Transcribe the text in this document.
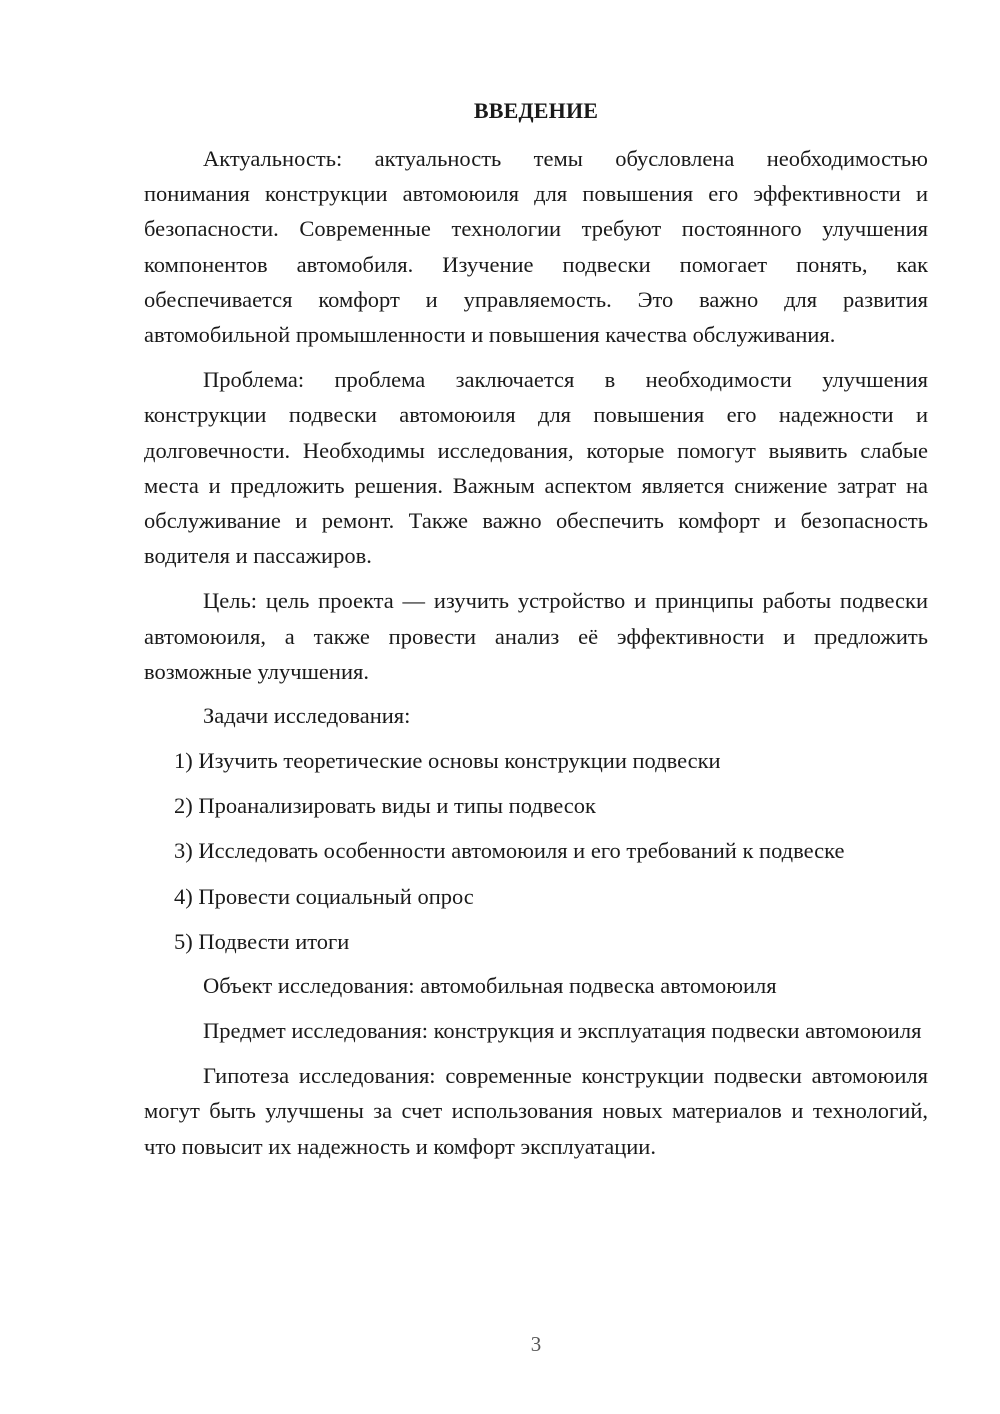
ВВЕДЕНИЕ

Актуальность: актуальность темы обусловлена необходимостью понимания конструкции автомоюиля для повышения его эффективности и безопасности. Современные технологии требуют постоянного улучшения компонентов автомобиля. Изучение подвески помогает понять, как обеспечивается комфорт и управляемость. Это важно для развития автомобильной промышленности и повышения качества обслуживания.

Проблема: проблема заключается в необходимости улучшения конструкции подвески автомоюиля для повышения его надежности и долговечности. Необходимы исследования, которые помогут выявить слабые места и предложить решения. Важным аспектом является снижение затрат на обслуживание и ремонт. Также важно обеспечить комфорт и безопасность водителя и пассажиров.

Цель: цель проекта — изучить устройство и принципы работы подвески автомоюиля, а также провести анализ её эффективности и предложить возможные улучшения.

Задачи исследования:

1) Изучить теоретические основы конструкции подвески
2) Проанализировать виды и типы подвесок
3) Исследовать особенности автомоюиля и его требований к подвеске
4) Провести социальный опрос
5) Подвести итоги

Объект исследования: автомобильная подвеска автомоюиля

Предмет исследования: конструкция и эксплуатация подвески автомоюиля

Гипотеза исследования: современные конструкции подвески автомоюиля могут быть улучшены за счет использования новых материалов и технологий, что повысит их надежность и комфорт эксплуатации.

3
